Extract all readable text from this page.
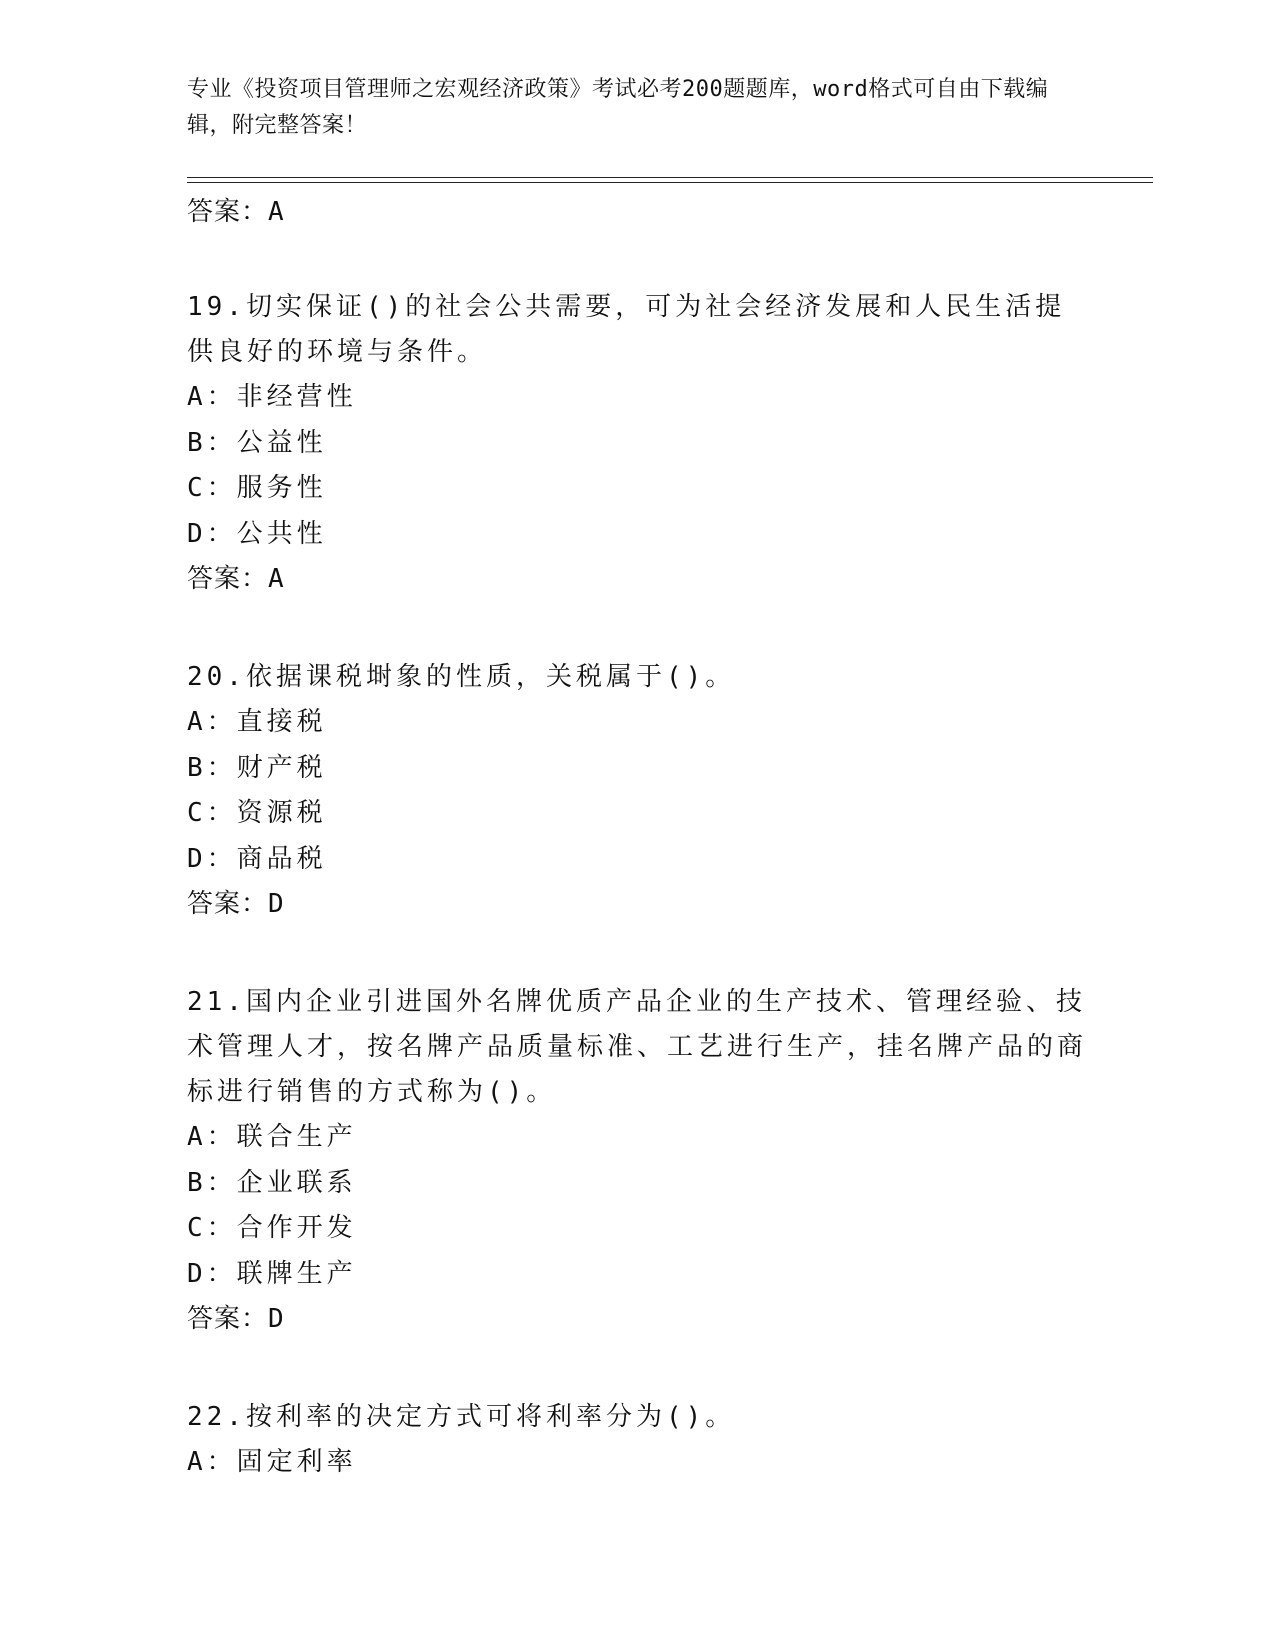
专业《投资项目管理师之宏观经济政策》考试必考200题题库，word格式可自由下载编辑，附完整答案！

答案：A

19.切实保证()的社会公共需要，可为社会经济发展和人民生活提供良好的环境与条件。

A：非经营性

B：公益性

C：服务性

D：公共性

答案：A

20.依据课税埘象的性质，关税属于()。

A：直接税

B：财产税

C：资源税

D：商品税

答案：D

21.国内企业引进国外名牌优质产品企业的生产技术、管理经验、技术管理人才，按名牌产品质量标准、工艺进行生产，挂名牌产品的商标进行销售的方式称为()。

A：联合生产

B：企业联系

C：合作开发

D：联牌生产

答案：D

22.按利率的决定方式可将利率分为()。

A：固定利率
